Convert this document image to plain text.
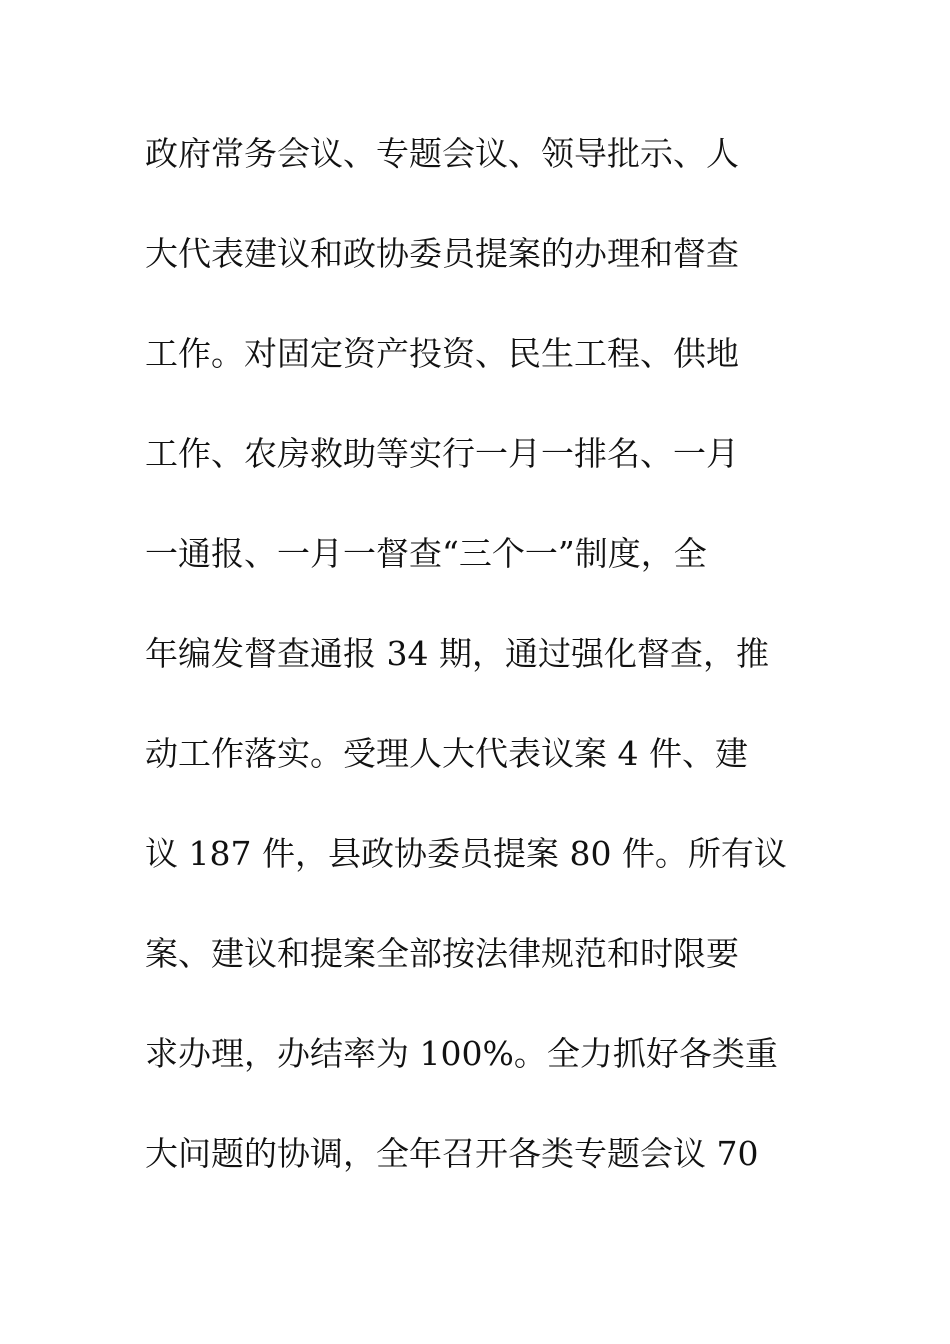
政府常务会议、专题会议、领导批示、人
大代表建议和政协委员提案的办理和督查
工作。对固定资产投资、民生工程、供地
工作、农房救助等实行一月一排名、一月
一通报、一月一督查“三个一”制度，全
年编发督查通报 34 期，通过强化督查，推
动工作落实。受理人大代表议案 4 件、建
议 187 件，县政协委员提案 80 件。所有议
案、建议和提案全部按法律规范和时限要
求办理，办结率为 100%。全力抓好各类重
大问题的协调，全年召开各类专题会议 70
